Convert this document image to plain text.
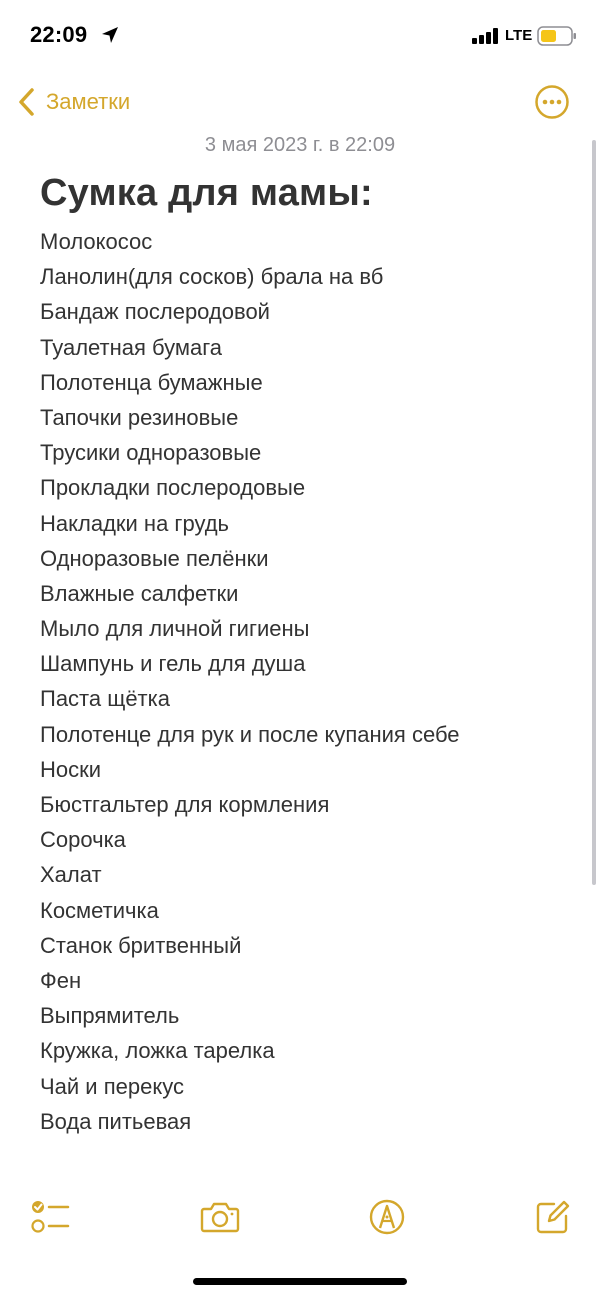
22:09	LTE
Заметки
3 мая 2023 г. в 22:09
Сумка для мамы:
Молокосос
Ланолин(для сосков) брала на вб
Бандаж послеродовой
Туалетная бумага
Полотенца бумажные
Тапочки резиновые
Трусики одноразовые
Прокладки послеродовые
Накладки на грудь
Одноразовые пелёнки
Влажные салфетки
Мыло для личной гигиены
Шампунь и гель для душа
Паста щётка
Полотенце для рук и после купания себе
Носки
Бюстгальтер для кормления
Сорочка
Халат
Косметичка
Станок бритвенный
Фен
Выпрямитель
Кружка, ложка тарелка
Чай и перекус
Вода питьевая
